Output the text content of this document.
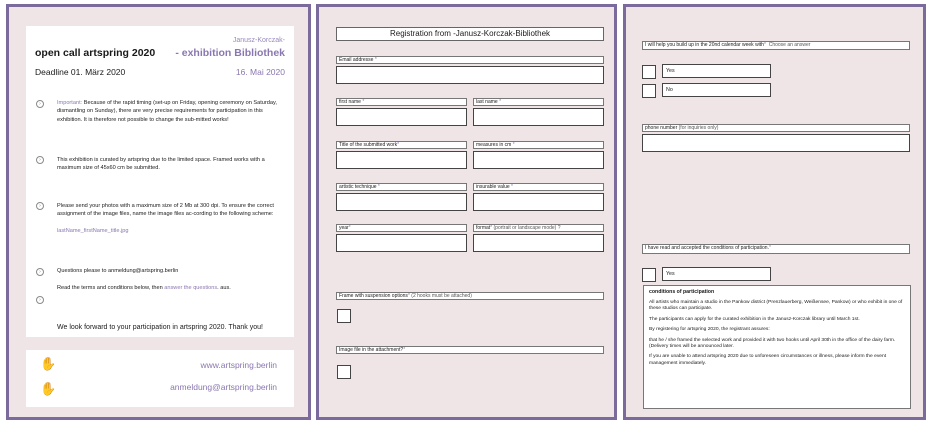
Janusz-Korczak-
open call artspring 2020 - exhibition Bibliothek
Deadline 01. März 2020	16. Mai 2020
›	Important: Because of the rapid timing (set-up on Friday, opening ceremony on Saturday, dismantling on Sunday), there are very precise requirements for participation in this exhibition. It is therefore not possible to change the sub-mitted works!
›	This exhibition is curated by artspring due to the limited space. Framed works with a maximum size of 45x60 cm be submitted.
›	Please send your photos with a maximum size of 2 Mb at 300 dpi. To ensure the correct assignment of the image files, name the image files ac-cording to the following scheme:
lastName_firstName_title.jpg
›	Questions please to anmeldung@artspring.berlin
›
Read the terms and conditions below, then answer the questions. aus.
We look forward to your participation in artspring 2020. Thank you!
✋	www.artspring.berlin
✋	anmeldung@artspring.berlin
Registration from -Janusz-Korczak-Bibliothek
Email addresse *
first name *	last name *
Title of the submitted work*	measures in cm *
artistic technique *	insurable value *
year*	format* (portrait or landscape mode) ?
Frame with suspension options* (2 hooks must be attached)
Image file in the attachment?*
I will help you build up in the 20nd calendar week with* Choose an answer
Yes
No
phone number (for inquiries only)
I have read and accepted the conditions of participation.*
Yes
conditions of participation

All artists who maintain a studio in the Pankow district (Prenzlauerberg, Weißensee, Pankow) or who exhibit in one of these studios can participate.

The participants can apply for the curated exhibition in the Janusz-Korczak library until March 1st.

By registering for artspring 2020, the registrant assures:

that he / she framed the selected work and provided it with two hooks until April 30th in the office of the dairy farm. (Delivery times will be announced later.

If you are unable to attend artspring 2020 due to unforeseen circumstances or illness, please inform the event management immediately.
